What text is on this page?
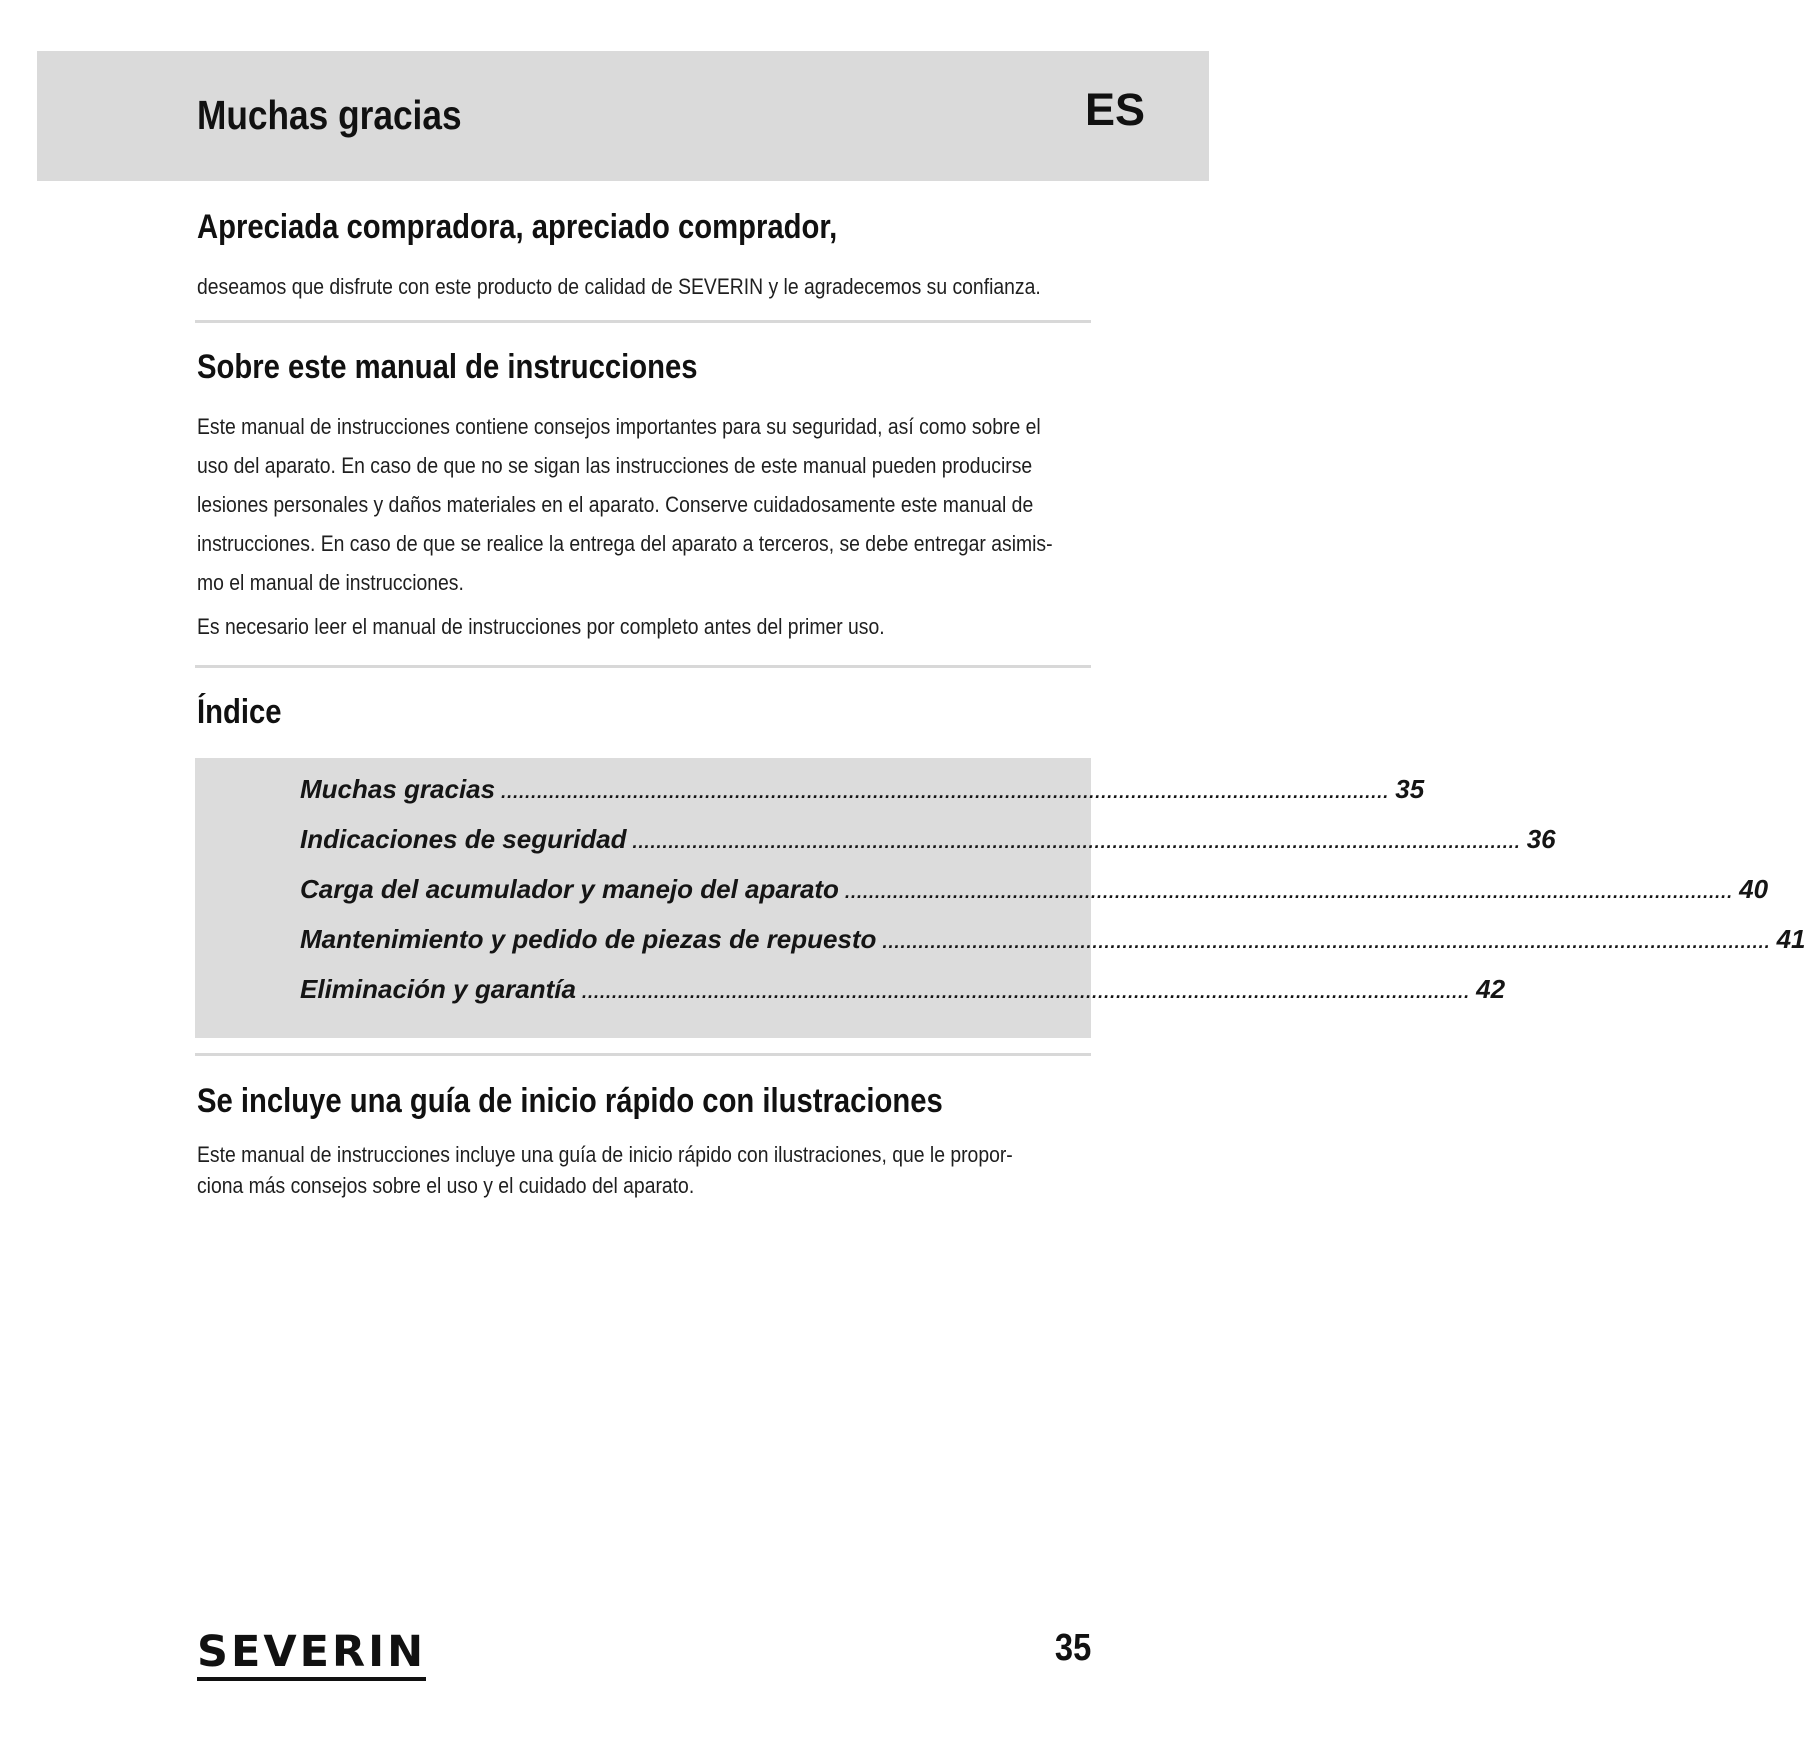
Muchas gracias	ES
Apreciada compradora, apreciado comprador,

deseamos que disfrute con este producto de calidad de SEVERIN y le agradecemos su confianza.

Sobre este manual de instrucciones
Este manual de instrucciones contiene consejos importantes para su seguridad, así como sobre el
uso del aparato. En caso de que no se sigan las instrucciones de este manual pueden producirse
lesiones personales y daños materiales en el aparato. Conserve cuidadosamente este manual de
instrucciones. En caso de que se realice la entrega del aparato a terceros, se debe entregar asimis-
mo el manual de instrucciones.

Es necesario leer el manual de instrucciones por completo antes del primer uso.

Índice
Muchas gracias .................................................................................................................................................... 35
Indicaciones de seguridad .................................................................................................................................................... 36
Carga del acumulador y manejo del aparato .................................................................................................................................................... 40
Mantenimiento y pedido de piezas de repuesto .................................................................................................................................................... 41
Eliminación y garantía .................................................................................................................................................... 42
Se incluye una guía de inicio rápido con ilustraciones
Este manual de instrucciones incluye una guía de inicio rápido con ilustraciones, que le propor-
ciona más consejos sobre el uso y el cuidado del aparato.
SEVERIN	35
